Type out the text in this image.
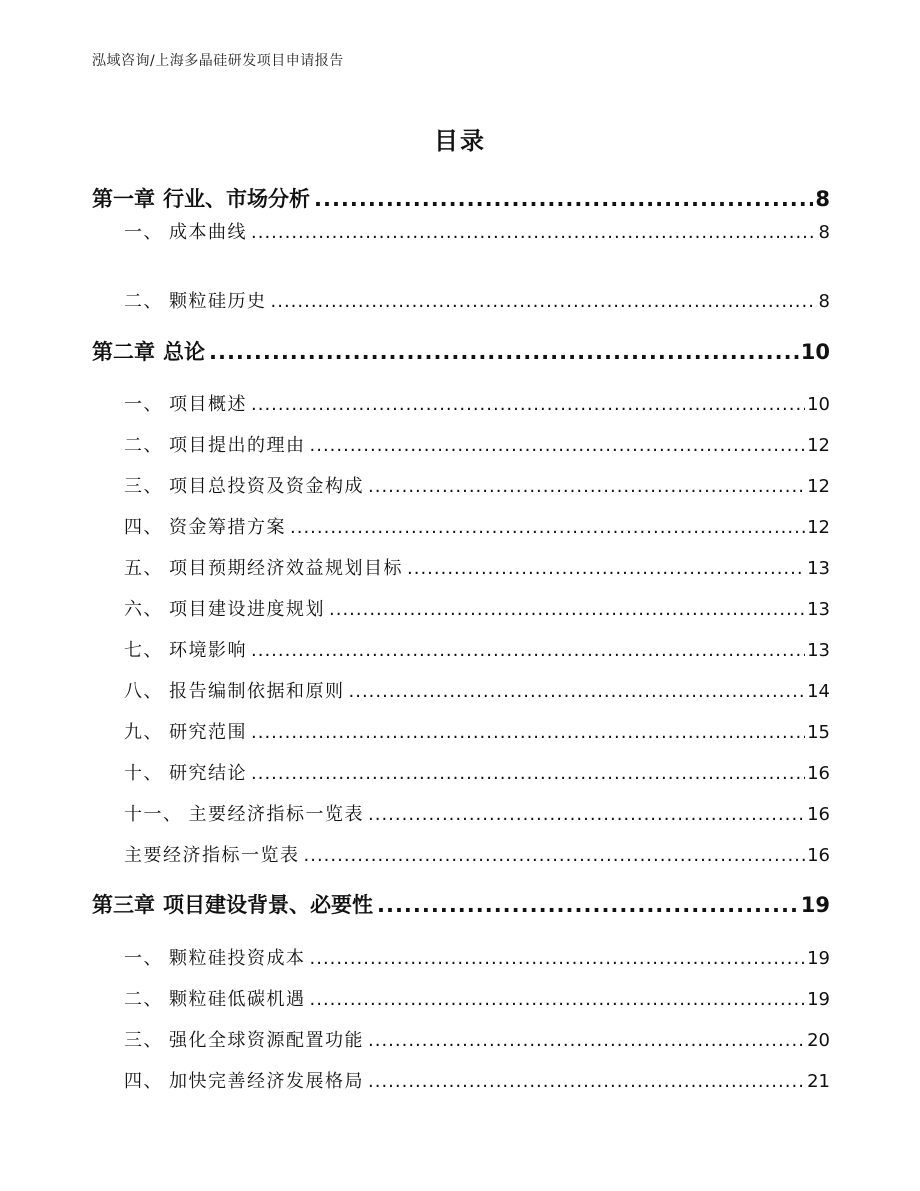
泓域咨询/上海多晶硅研发项目申请报告
目录
第一章 行业、市场分析 .....	8
一、 成本曲线 .....	8
二、 颗粒硅历史 .....	8
第二章 总论 .....	10
一、 项目概述 .....	10
二、 项目提出的理由 .....	12
三、 项目总投资及资金构成 .....	12
四、 资金筹措方案 .....	12
五、 项目预期经济效益规划目标 .....	13
六、 项目建设进度规划 .....	13
七、 环境影响 .....	13
八、 报告编制依据和原则 .....	14
九、 研究范围 .....	15
十、 研究结论 .....	16
十一、 主要经济指标一览表 .....	16
主要经济指标一览表 .....	16
第三章 项目建设背景、必要性 .....	19
一、 颗粒硅投资成本 .....	19
二、 颗粒硅低碳机遇 .....	19
三、 强化全球资源配置功能 .....	20
四、 加快完善经济发展格局 .....	21
